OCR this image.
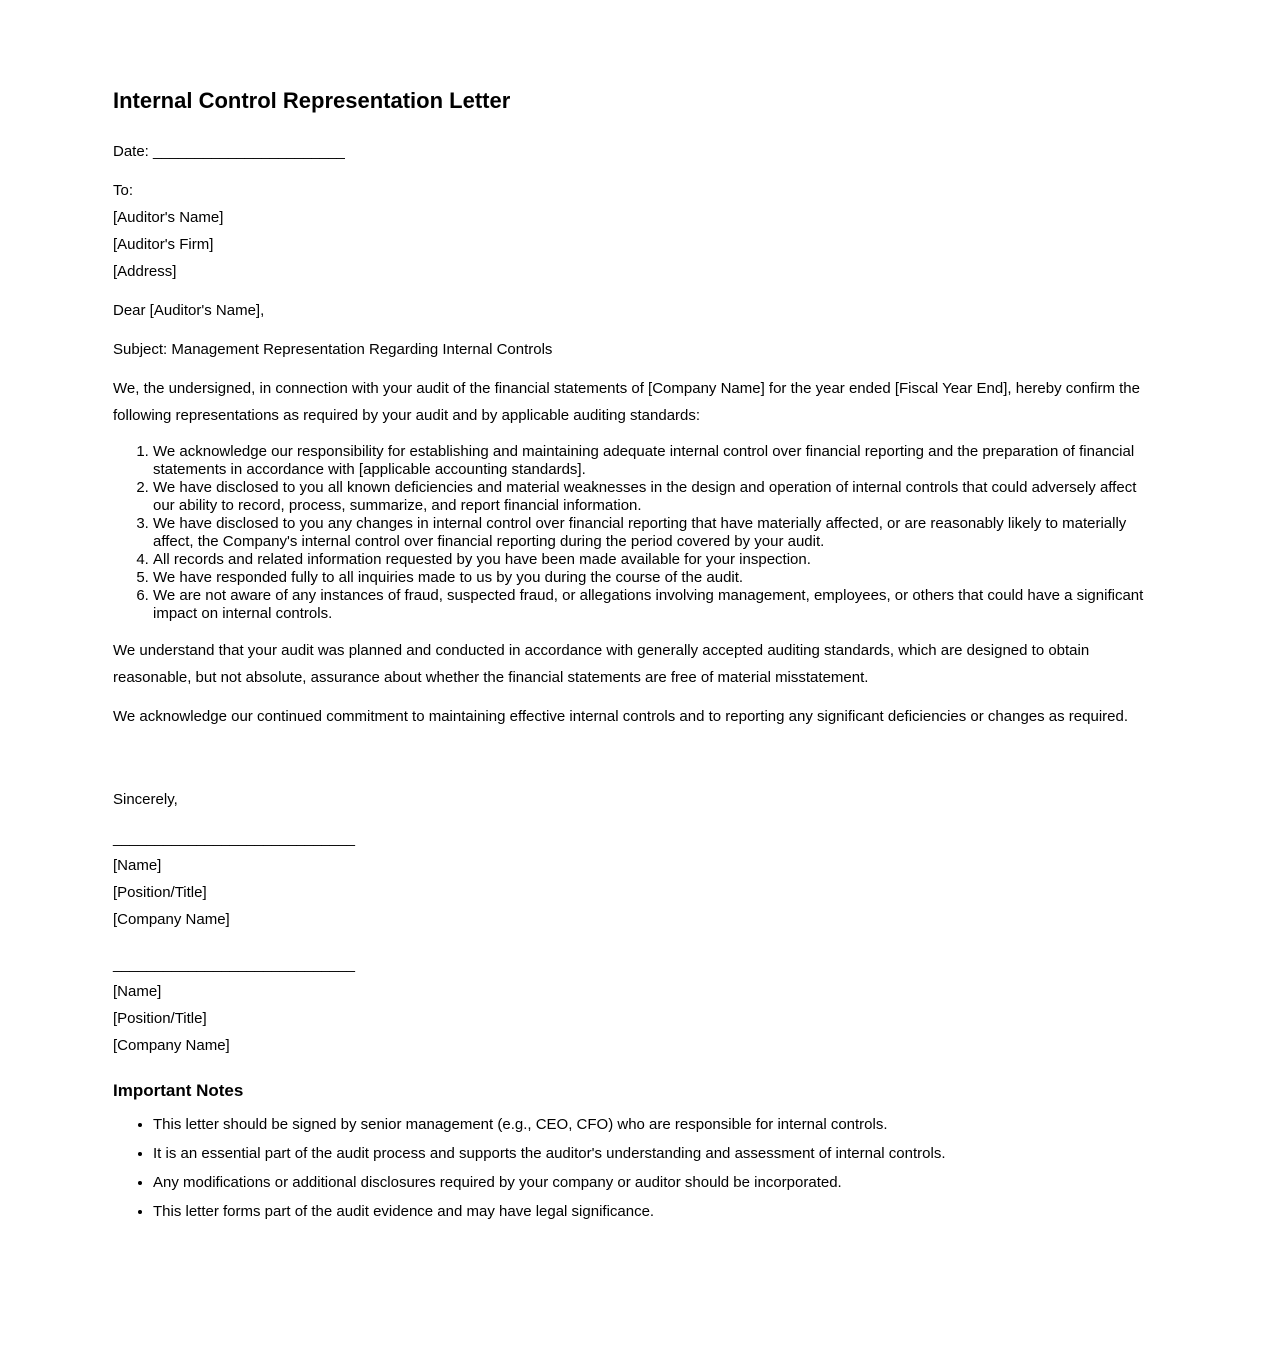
Internal Control Representation Letter

Date: _______________________

To:
[Auditor's Name]
[Auditor's Firm]
[Address]

Dear [Auditor's Name],

Subject: Management Representation Regarding Internal Controls

We, the undersigned, in connection with your audit of the financial statements of [Company Name] for the year ended [Fiscal Year End], hereby confirm the following representations as required by your audit and by applicable auditing standards:

1. We acknowledge our responsibility for establishing and maintaining adequate internal control over financial reporting and the preparation of financial statements in accordance with [applicable accounting standards].
2. We have disclosed to you all known deficiencies and material weaknesses in the design and operation of internal controls that could adversely affect our ability to record, process, summarize, and report financial information.
3. We have disclosed to you any changes in internal control over financial reporting that have materially affected, or are reasonably likely to materially affect, the Company's internal control over financial reporting during the period covered by your audit.
4. All records and related information requested by you have been made available for your inspection.
5. We have responded fully to all inquiries made to us by you during the course of the audit.
6. We are not aware of any instances of fraud, suspected fraud, or allegations involving management, employees, or others that could have a significant impact on internal controls.

We understand that your audit was planned and conducted in accordance with generally accepted auditing standards, which are designed to obtain reasonable, but not absolute, assurance about whether the financial statements are free of material misstatement.

We acknowledge our continued commitment to maintaining effective internal controls and to reporting any significant deficiencies or changes as required.

Sincerely,

_____________________________
[Name]
[Position/Title]
[Company Name]

_____________________________
[Name]
[Position/Title]
[Company Name]

Important Notes
• This letter should be signed by senior management (e.g., CEO, CFO) who are responsible for internal controls.
• It is an essential part of the audit process and supports the auditor's understanding and assessment of internal controls.
• Any modifications or additional disclosures required by your company or auditor should be incorporated.
• This letter forms part of the audit evidence and may have legal significance.
